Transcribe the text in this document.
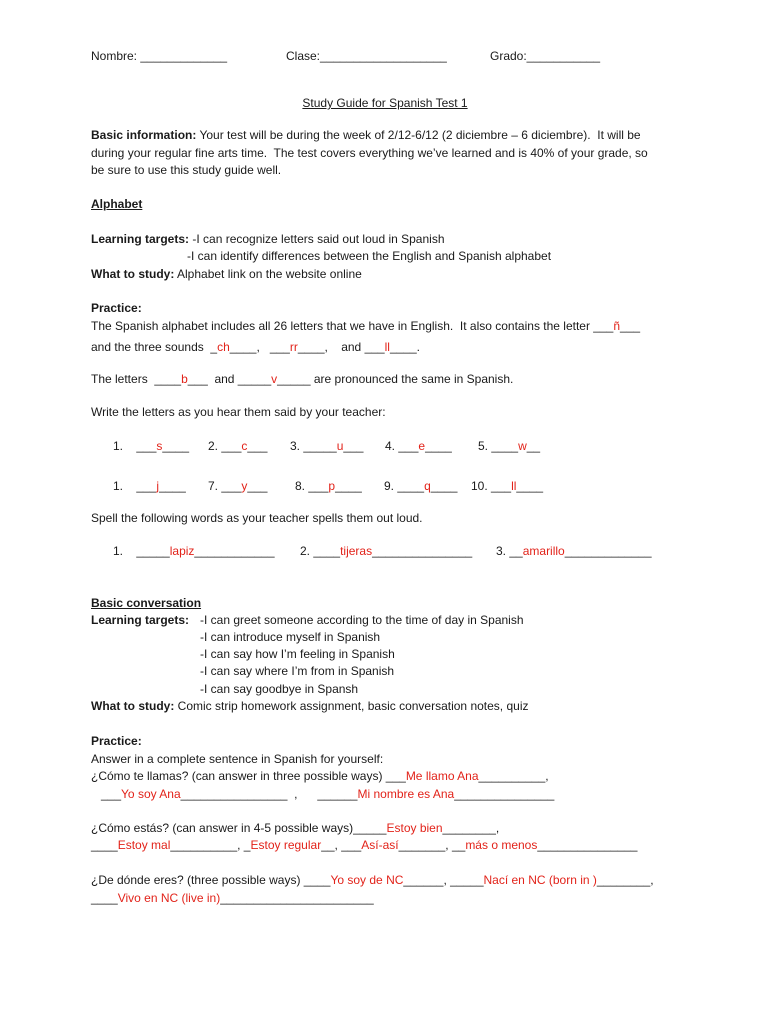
Nombre: _____________	Clase:___________________	Grado:___________
Study Guide for Spanish Test 1
Basic information: Your test will be during the week of 2/12-6/12 (2 diciembre – 6 diciembre).  It will be
during your regular fine arts time.  The test covers everything we’ve learned and is 40% of your grade, so
be sure to use this study guide well.
Alphabet
Learning targets: -I can recognize letters said out loud in Spanish
-I can identify differences between the English and Spanish alphabet
What to study: Alphabet link on the website online
Practice:
The Spanish alphabet includes all 26 letters that we have in English.  It also contains the letter ___ñ___
and the three sounds  _ch____,   ___rr____,    and ___ll____.
The letters  ____b___  and _____v_____ are pronounced the same in Spanish.
Write the letters as you hear them said by your teacher:
1. ___s____ 2. ___c___ 3. _____u___ 4. ___e____ 5. ____w__
1. ___j____ 7. ___y___ 8. ___p____ 9. ____q____ 10. ___ll____
Spell the following words as your teacher spells them out loud.
1. _____lapiz____________ 2. ____tijeras_______________ 3. __amarillo_____________
Basic conversation
Learning targets: -I can greet someone according to the time of day in Spanish
-I can introduce myself in Spanish
-I can say how I’m feeling in Spanish
-I can say where I’m from in Spanish
-I can say goodbye in Spansh
What to study: Comic strip homework assignment, basic conversation notes, quiz
Practice:
Answer in a complete sentence in Spanish for yourself:
¿Cómo te llamas? (can answer in three possible ways) ___Me llamo Ana__________,
___Yo soy Ana________________  ,      ______Mi nombre es Ana_______________
¿Cómo estás? (can answer in 4-5 possible ways)_____Estoy bien________,
____Estoy mal__________, _Estoy regular__, ___Así-así_______, __más o menos_______________
¿De dónde eres? (three possible ways) ____Yo soy de NC______, _____Nací en NC (born in )________,
____Vivo en NC (live in)_______________________
